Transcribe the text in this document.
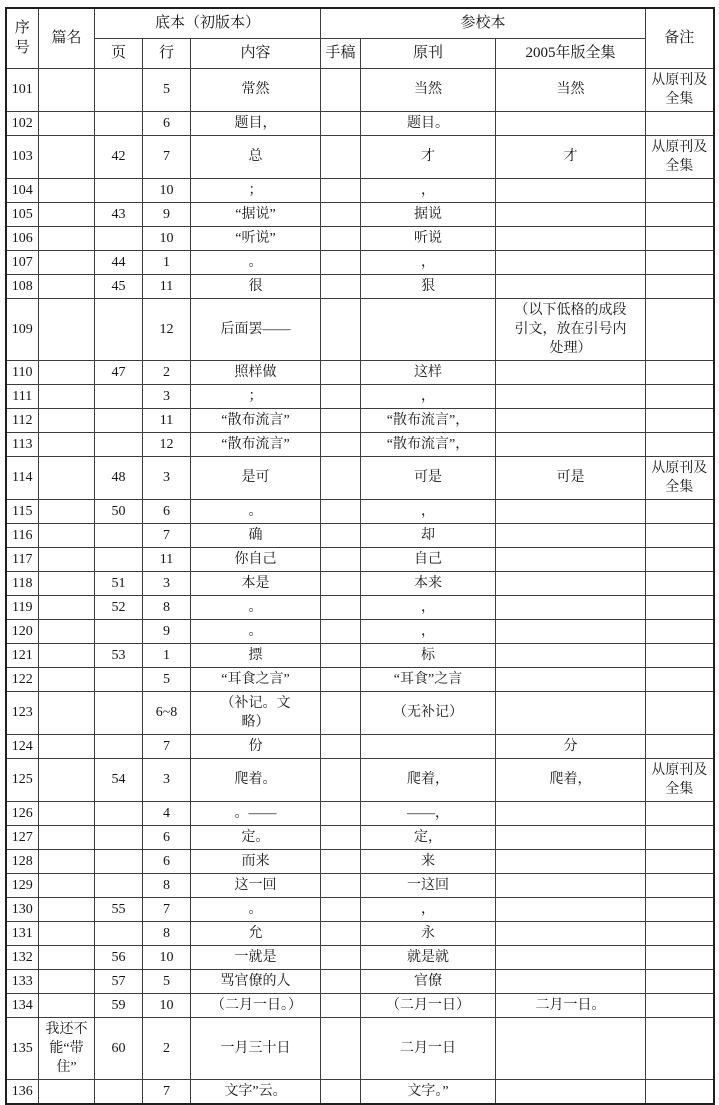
序号	篇名	底本（初版本）			参校本			备注
		页	行	内容	手稿	原刊	2005年版全集	
101			5	常然		当然	当然	从原刊及全集
102			6	题目，		题目。		
103		42	7	总		才	才	从原刊及全集
104			10	；		，		
105		43	9	“据说”		据说		
106			10	“听说”		听说		
107		44	1	。		，		
108		45	11	很		狠		
109			12	后面罢——			（以下低格的成段引文，放在引号内处理）	
110		47	2	照样做		这样		
111			3	；		，		
112			11	“散布流言”		“散布流言”，		
113			12	“散布流言”		“散布流言”，		
114		48	3	是可		可是	可是	从原刊及全集
115		50	6	。		，		
116			7	确		却		
117			11	你自己		自己		
118		51	3	本是		本来		
119		52	8	。		，		
120			9	。		，		
121		53	1	摽		标		
122			5	“耳食之言”		“耳食”之言		
123			6~8	（补记。文略）		（无补记）		
124			7	份			分	
125		54	3	爬着。		爬着，	爬着，	从原刊及全集
126			4	。——		——，		
127			6	定。		定，		
128			6	而来		来		
129			8	这一回		一这回		
130		55	7	。		，		
131			8	允		永		
132		56	10	一就是		就是就		
133		57	5	骂官僚的人		官僚		
134		59	10	（二月一日。）		（二月一日）	二月一日。	
135	我还不能“带住”	60	2	一月三十日		二月一日		
136			7	文字”云。		文字。”		
